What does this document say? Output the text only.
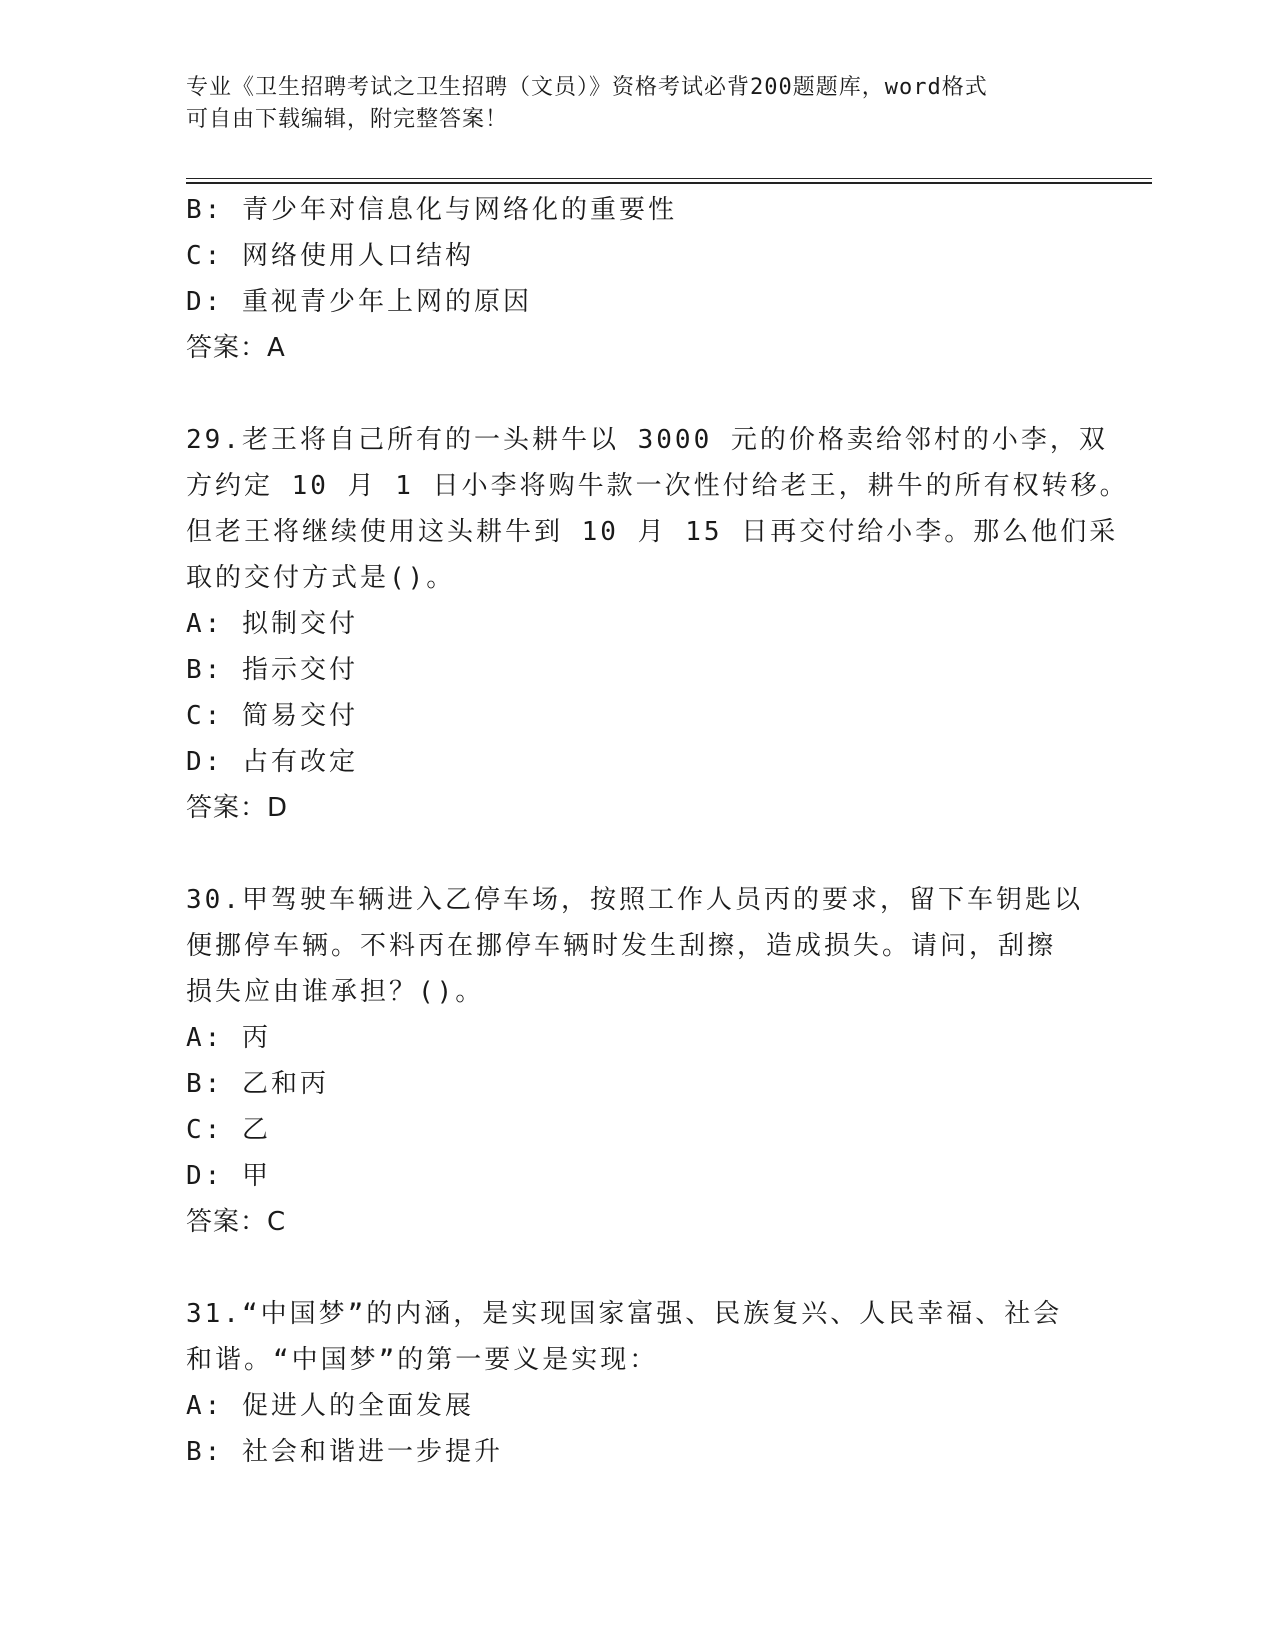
专业《卫生招聘考试之卫生招聘（文员）》资格考试必背200题题库，word格式
可自由下载编辑，附完整答案！
B: 青少年对信息化与网络化的重要性
C: 网络使用人口结构
D: 重视青少年上网的原因
答案：A
29.老王将自己所有的一头耕牛以 3000 元的价格卖给邻村的小李，双
方约定 10 月 1 日小李将购牛款一次性付给老王，耕牛的所有权转移。
但老王将继续使用这头耕牛到 10 月 15 日再交付给小李。那么他们采
取的交付方式是()。
A: 拟制交付
B: 指示交付
C: 简易交付
D: 占有改定
答案：D
30.甲驾驶车辆进入乙停车场，按照工作人员丙的要求，留下车钥匙以
便挪停车辆。不料丙在挪停车辆时发生刮擦，造成损失。请问，刮擦
损失应由谁承担？()。
A: 丙
B: 乙和丙
C: 乙
D: 甲
答案：C
31.“中国梦”的内涵，是实现国家富强、民族复兴、人民幸福、社会
和谐。“中国梦”的第一要义是实现：
A: 促进人的全面发展
B: 社会和谐进一步提升
